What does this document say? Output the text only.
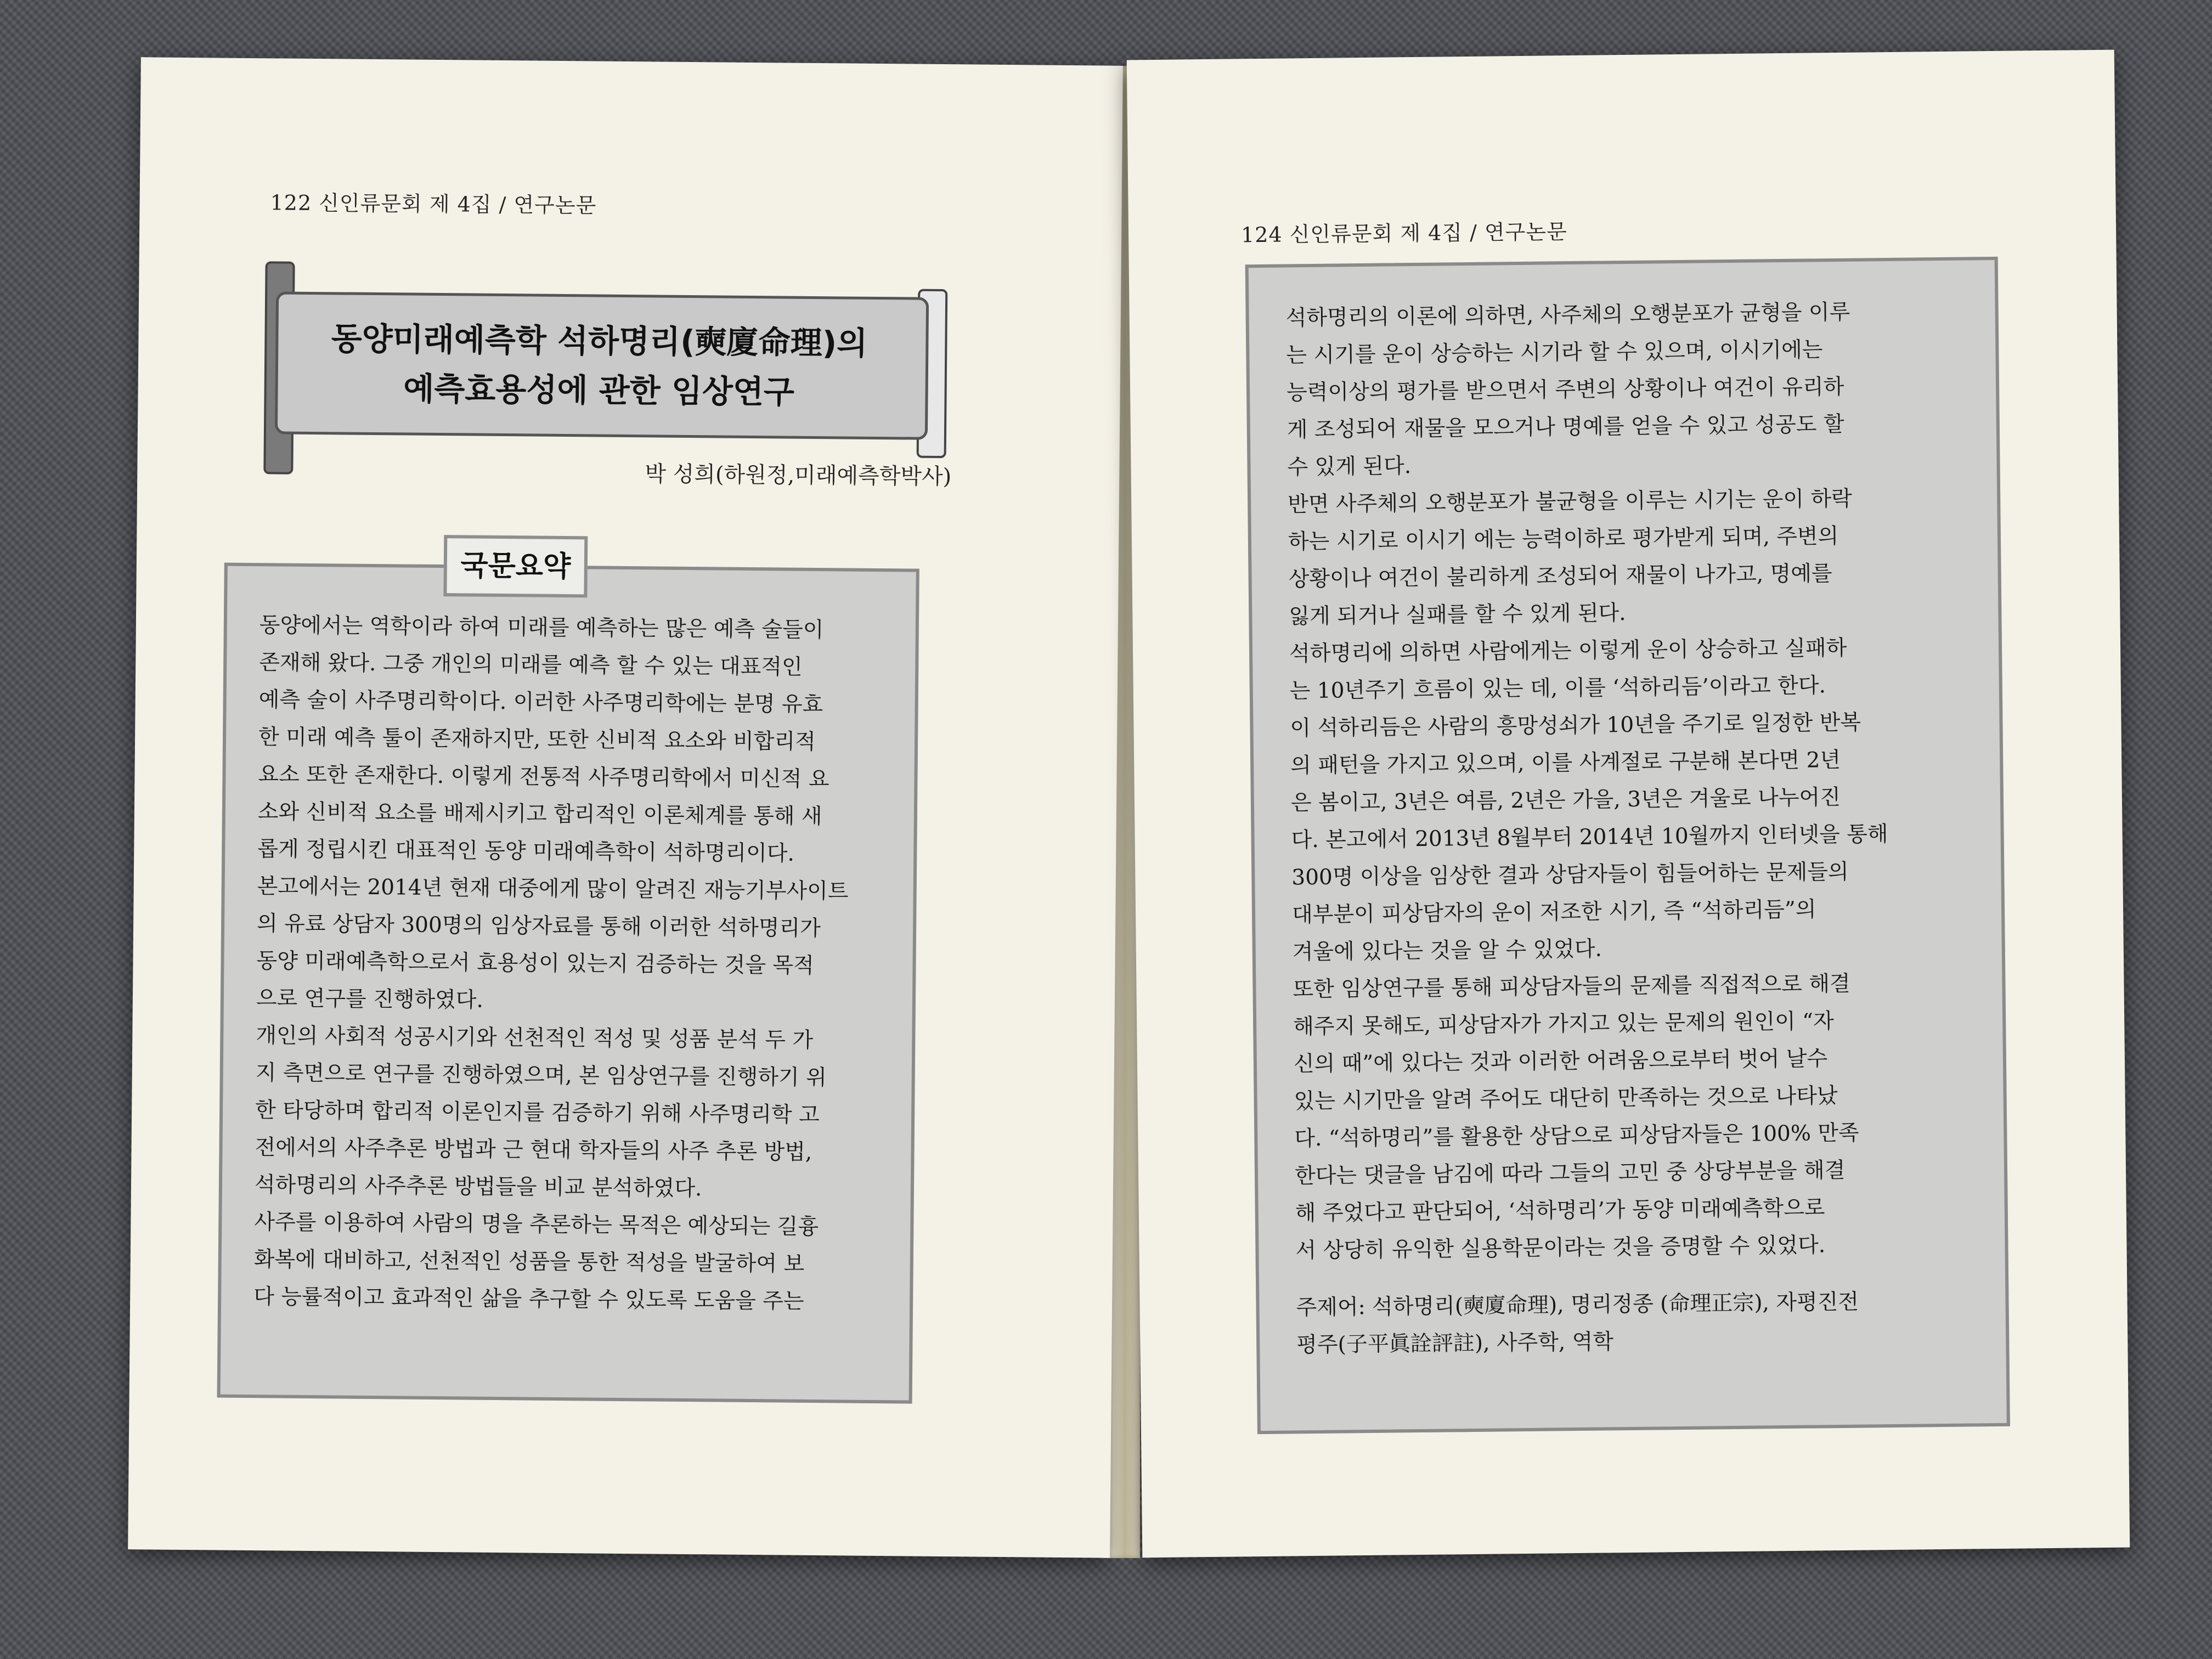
122 신인류문회 제 4집 / 연구논문
동양미래예측학 석하명리(奭廈命理)의
예측효용성에 관한 임상연구
박 성희(하원정,미래예측학박사)
국문요약

동양에서는 역학이라 하여 미래를 예측하는 많은 예측 술들이

존재해 왔다. 그중 개인의 미래를 예측 할 수 있는 대표적인

예측 술이 사주명리학이다. 이러한 사주명리학에는 분명 유효

한 미래 예측 툴이 존재하지만, 또한 신비적 요소와 비합리적

요소 또한 존재한다. 이렇게 전통적 사주명리학에서 미신적 요

소와 신비적 요소를 배제시키고 합리적인 이론체계를 통해 새

롭게 정립시킨 대표적인 동양 미래예측학이 석하명리이다.

본고에서는 2014년 현재 대중에게 많이 알려진 재능기부사이트

의 유료 상담자 300명의 임상자료를 통해 이러한 석하명리가

동양 미래예측학으로서 효용성이 있는지 검증하는 것을 목적

으로 연구를 진행하였다.

개인의 사회적 성공시기와 선천적인 적성 및 성품 분석 두 가

지 측면으로 연구를 진행하였으며, 본 임상연구를 진행하기 위

한 타당하며 합리적 이론인지를 검증하기 위해 사주명리학 고

전에서의 사주추론 방법과 근 현대 학자들의 사주 추론 방법,

석하명리의 사주추론 방법들을 비교 분석하였다.

사주를 이용하여 사람의 명을 추론하는 목적은 예상되는 길흉

화복에 대비하고, 선천적인 성품을 통한 적성을 발굴하여 보

다 능률적이고 효과적인 삶을 추구할 수 있도록 도움을 주는

124 신인류문회 제 4집 / 연구논문

석하명리의 이론에 의하면, 사주체의 오행분포가 균형을 이루

는 시기를 운이 상승하는 시기라 할 수 있으며, 이시기에는

능력이상의 평가를 받으면서 주변의 상황이나 여건이 유리하

게 조성되어 재물을 모으거나 명예를 얻을 수 있고 성공도 할

수 있게 된다.

반면 사주체의 오행분포가 불균형을 이루는 시기는 운이 하락

하는 시기로 이시기 에는 능력이하로 평가받게 되며, 주변의

상황이나 여건이 불리하게 조성되어 재물이 나가고, 명예를

잃게 되거나 실패를 할 수 있게 된다.

석하명리에 의하면 사람에게는 이렇게 운이 상승하고 실패하

는 10년주기 흐름이 있는 데, 이를 ‘석하리듬’이라고 한다.

이 석하리듬은 사람의 흥망성쇠가 10년을 주기로 일정한 반복

의 패턴을 가지고 있으며, 이를 사계절로 구분해 본다면 2년

은 봄이고, 3년은 여름, 2년은 가을, 3년은 겨울로 나누어진

다. 본고에서 2013년 8월부터 2014년 10월까지 인터넷을 통해

300명 이상을 임상한 결과 상담자들이 힘들어하는 문제들의

대부분이 피상담자의 운이 저조한 시기, 즉 “석하리듬”의

겨울에 있다는 것을 알 수 있었다.

또한 임상연구를 통해 피상담자들의 문제를 직접적으로 해결

해주지 못해도, 피상담자가 가지고 있는 문제의 원인이 “자

신의 때”에 있다는 것과 이러한 어려움으로부터 벗어 날수

있는 시기만을 알려 주어도 대단히 만족하는 것으로 나타났

다. “석하명리”를 활용한 상담으로 피상담자들은 100% 만족

한다는 댓글을 남김에 따라 그들의 고민 중 상당부분을 해결

해 주었다고 판단되어, ‘석하명리’가 동양 미래예측학으로

서 상당히 유익한 실용학문이라는 것을 증명할 수 있었다.

주제어: 석하명리(奭廈命理), 명리정종 (命理正宗), 자평진전

평주(子平眞詮評註), 사주학, 역학
